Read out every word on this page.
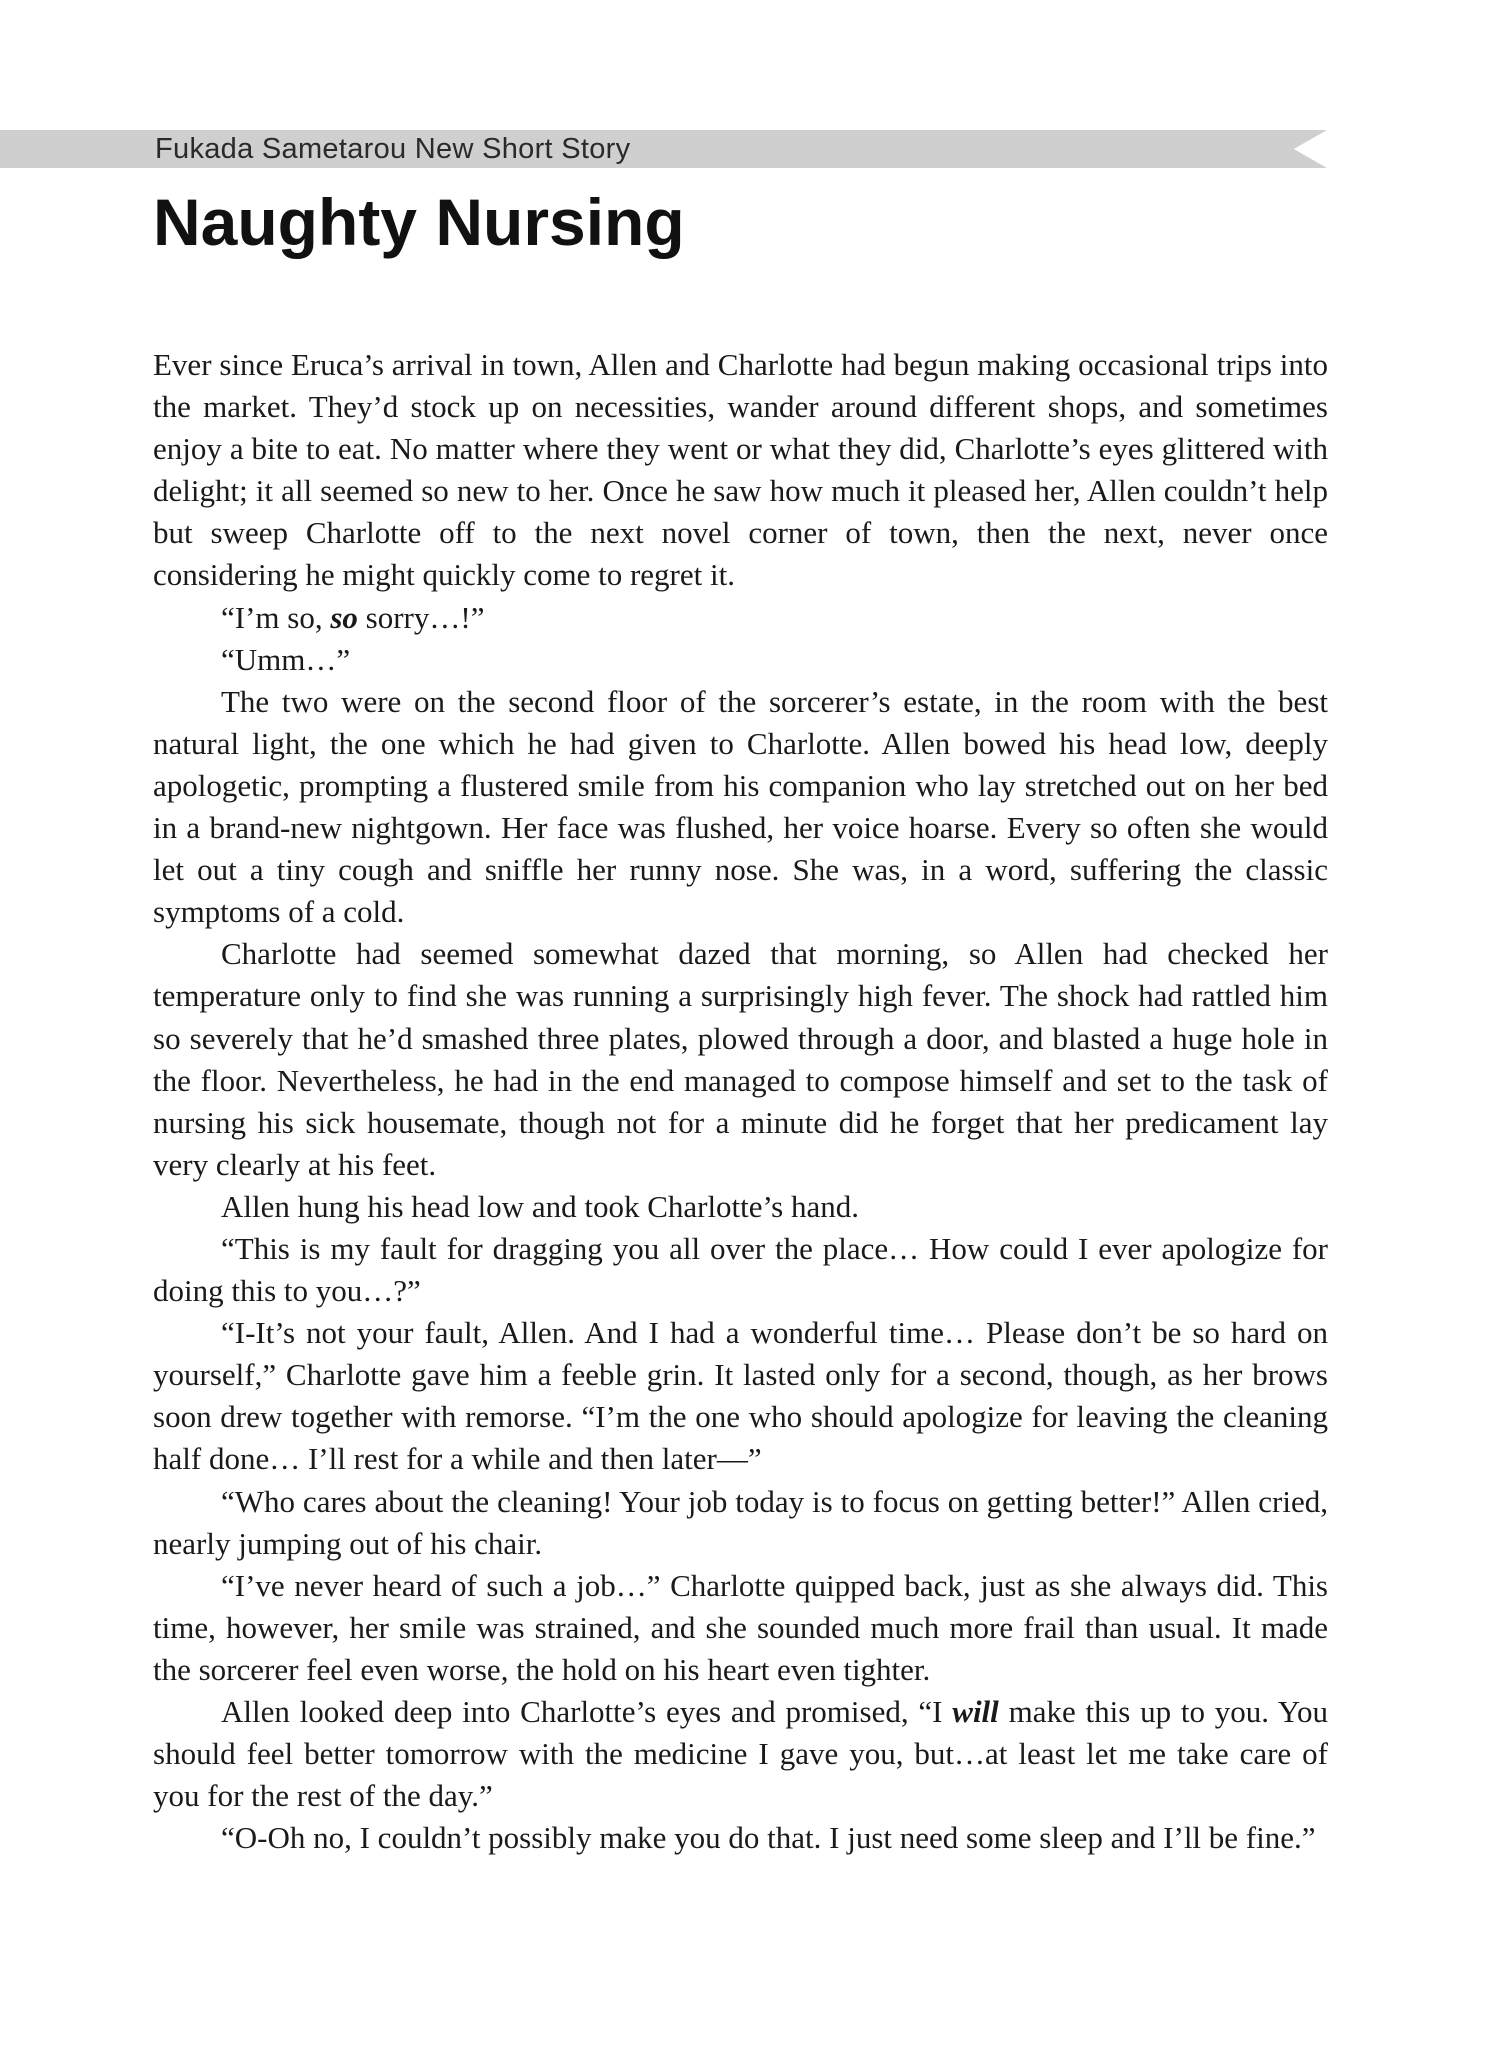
Fukada Sametarou New Short Story
Naughty Nursing

Ever since Eruca’s arrival in town, Allen and Charlotte had begun making occasional trips into the market. They’d stock up on necessities, wander around different shops, and sometimes enjoy a bite to eat. No matter where they went or what they did, Charlotte’s eyes glittered with delight; it all seemed so new to her. Once he saw how much it pleased her, Allen couldn’t help but sweep Charlotte off to the next novel corner of town, then the next, never once considering he might quickly come to regret it.

“I’m so, so sorry…!”

“Umm…”

The two were on the second floor of the sorcerer’s estate, in the room with the best natural light, the one which he had given to Charlotte. Allen bowed his head low, deeply apologetic, prompting a flustered smile from his companion who lay stretched out on her bed in a brand-new nightgown. Her face was flushed, her voice hoarse. Every so often she would let out a tiny cough and sniffle her runny nose. She was, in a word, suffering the classic symptoms of a cold.

Charlotte had seemed somewhat dazed that morning, so Allen had checked her temperature only to find she was running a surprisingly high fever. The shock had rattled him so severely that he’d smashed three plates, plowed through a door, and blasted a huge hole in the floor. Nevertheless, he had in the end managed to compose himself and set to the task of nursing his sick housemate, though not for a minute did he forget that her predicament lay very clearly at his feet.

Allen hung his head low and took Charlotte’s hand.

“This is my fault for dragging you all over the place… How could I ever apologize for doing this to you…?”

“I-It’s not your fault, Allen. And I had a wonderful time… Please don’t be so hard on yourself,” Charlotte gave him a feeble grin. It lasted only for a second, though, as her brows soon drew together with remorse. “I’m the one who should apologize for leaving the cleaning half done… I’ll rest for a while and then later—”

“Who cares about the cleaning! Your job today is to focus on getting better!” Allen cried, nearly jumping out of his chair.

“I’ve never heard of such a job…” Charlotte quipped back, just as she always did. This time, however, her smile was strained, and she sounded much more frail than usual. It made the sorcerer feel even worse, the hold on his heart even tighter.

Allen looked deep into Charlotte’s eyes and promised, “I will make this up to you. You should feel better tomorrow with the medicine I gave you, but…at least let me take care of you for the rest of the day.”

“O-Oh no, I couldn’t possibly make you do that. I just need some sleep and I’ll be fine.”
